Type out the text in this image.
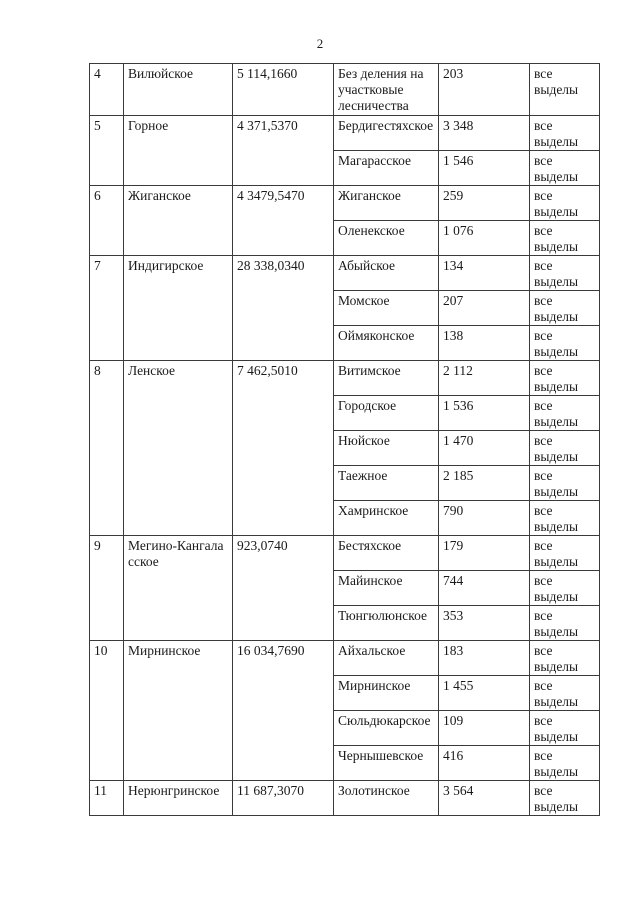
2
4	Вилюйское	5 114,1660	Без деления на участковые лесничества	203	все выделы
5	Горное	4 371,5370	Бердигестяхское	3 348	все выделы
			Магарасское	1 546	все выделы
6	Жиганское	4 3479,5470	Жиганское	259	все выделы
			Оленекское	1 076	все выделы
7	Индигирское	28 338,0340	Абыйское	134	все выделы
			Момское	207	все выделы
			Оймяконское	138	все выделы
8	Ленское	7 462,5010	Витимское	2 112	все выделы
			Городское	1 536	все выделы
			Нюйское	1 470	все выделы
			Таежное	2 185	все выделы
			Хамринское	790	все выделы
9	Мегино-Кангаласское	923,0740	Бестяхское	179	все выделы
			Майинское	744	все выделы
			Тюнгюлюнское	353	все выделы
10	Мирнинское	16 034,7690	Айхальское	183	все выделы
			Мирнинское	1 455	все выделы
			Сюльдюкарское	109	все выделы
			Чернышевское	416	все выделы
11	Нерюнгринское	11 687,3070	Золотинское	3 564	все выделы
